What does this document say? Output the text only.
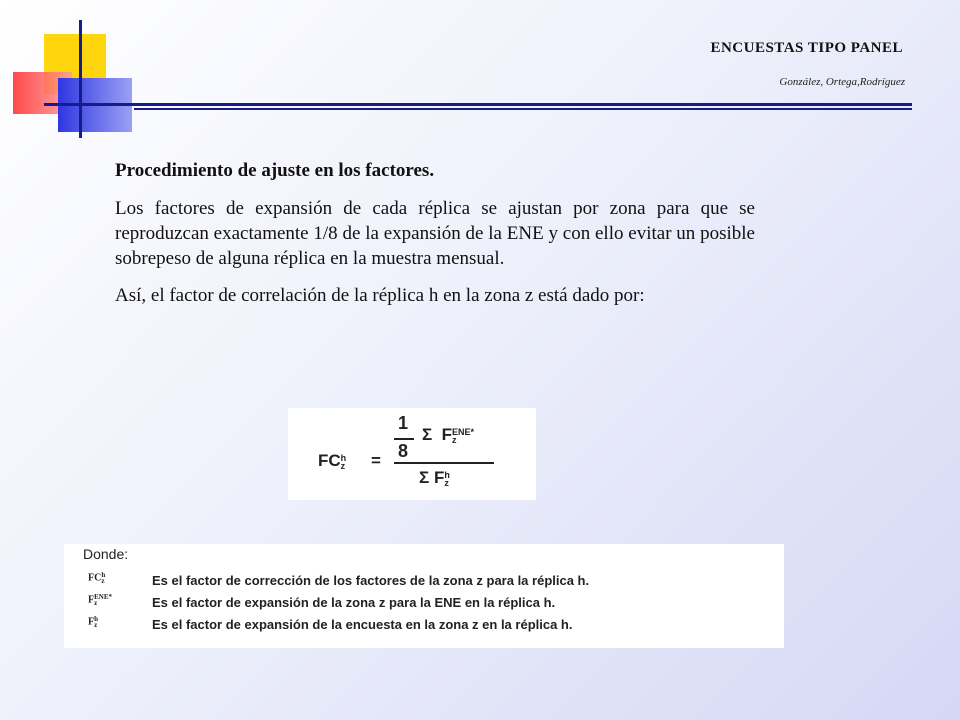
ENCUESTAS TIPO PANEL
González, Ortega,Rodríguez

Procedimiento de ajuste en los factores.

Los factores de expansión de cada réplica se ajustan por zona para que se reproduzcan exactamente 1/8 de la expansión de la ENE y con ello evitar un posible sobrepeso de alguna réplica en la muestra mensual.

Así, el factor de correlación de la réplica h en la zona z está dado por:

FC h
z =
1
8
Σ F ENE*
z
Σ F h
z
Donde:
FC h
z	Es el factor de corrección de los factores de la zona z para la réplica h.
F ENE*
z	Es el factor de expansión de la zona z para la ENE en la réplica h.
F h
z	Es el factor de expansión de la encuesta en la zona z en la réplica h.
